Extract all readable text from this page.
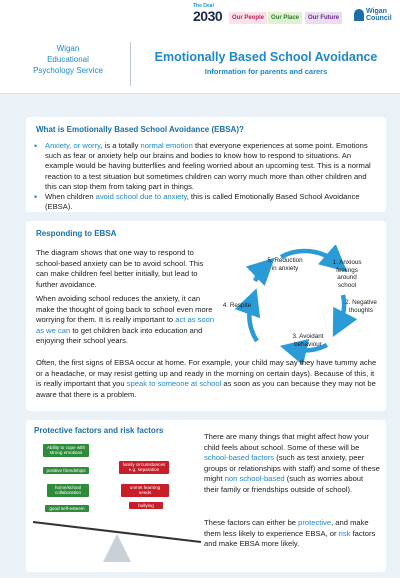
The Deal
2030	Our People	Our Place	Our Future
Wigan
Council
Wigan
Educational
Psychology Service
Emotionally Based School Avoidance
Information for parents and carers
What is Emotionally Based School Avoidance (EBSA)?
• Anxiety, or worry, is a totally normal emotion that everyone experiences at some point. Emotions such as fear or anxiety help our brains and bodies to know how to respond to situations. An example would be having butterflies and feeling worried about an upcoming test. This is a normal reaction to a test situation but sometimes children can worry much more than other children and this can stop them from taking part in things.
• When children avoid school due to anxiety, this is called Emotionally Based School Avoidance (EBSA).
Responding to EBSA
The diagram shows that one way to respond to school-based anxiety can be to avoid school. This can make children feel better initially, but lead to further avoidance.
When avoiding school reduces the anxiety, it can make the thought of going back to school even more worrying for them. It is really important to act as soon as we can to get children back into education and enjoying their school years.
1. Anxious feelings around school
2. Negative thoughts
3. Avoidant behaviour
4. Respite
5. Reduction in anxiety
Often, the first signs of EBSA occur at home. For example, your child may say they have tummy ache or a headache, or may resist getting up and ready in the morning on certain days). Because of this, it is really important that you speak to someone at school as soon as you can because they may not be aware that there is a problem.
Protective factors and risk factors
Ability to cope with strong emotions
positive friendships
home/school collaboration
good self-esteem
family circumstances e.g. separation
unmet learning needs
bullying
There are many things that might affect how your child feels about school. Some of these will be school-based factors (such as test anxiety, peer groups or relationships with staff) and some of these might non school-based (such as worries about their family or friendships outside of school).
These factors can either be protective, and make them less likely to experience EBSA, or risk factors and make EBSA more likely.
